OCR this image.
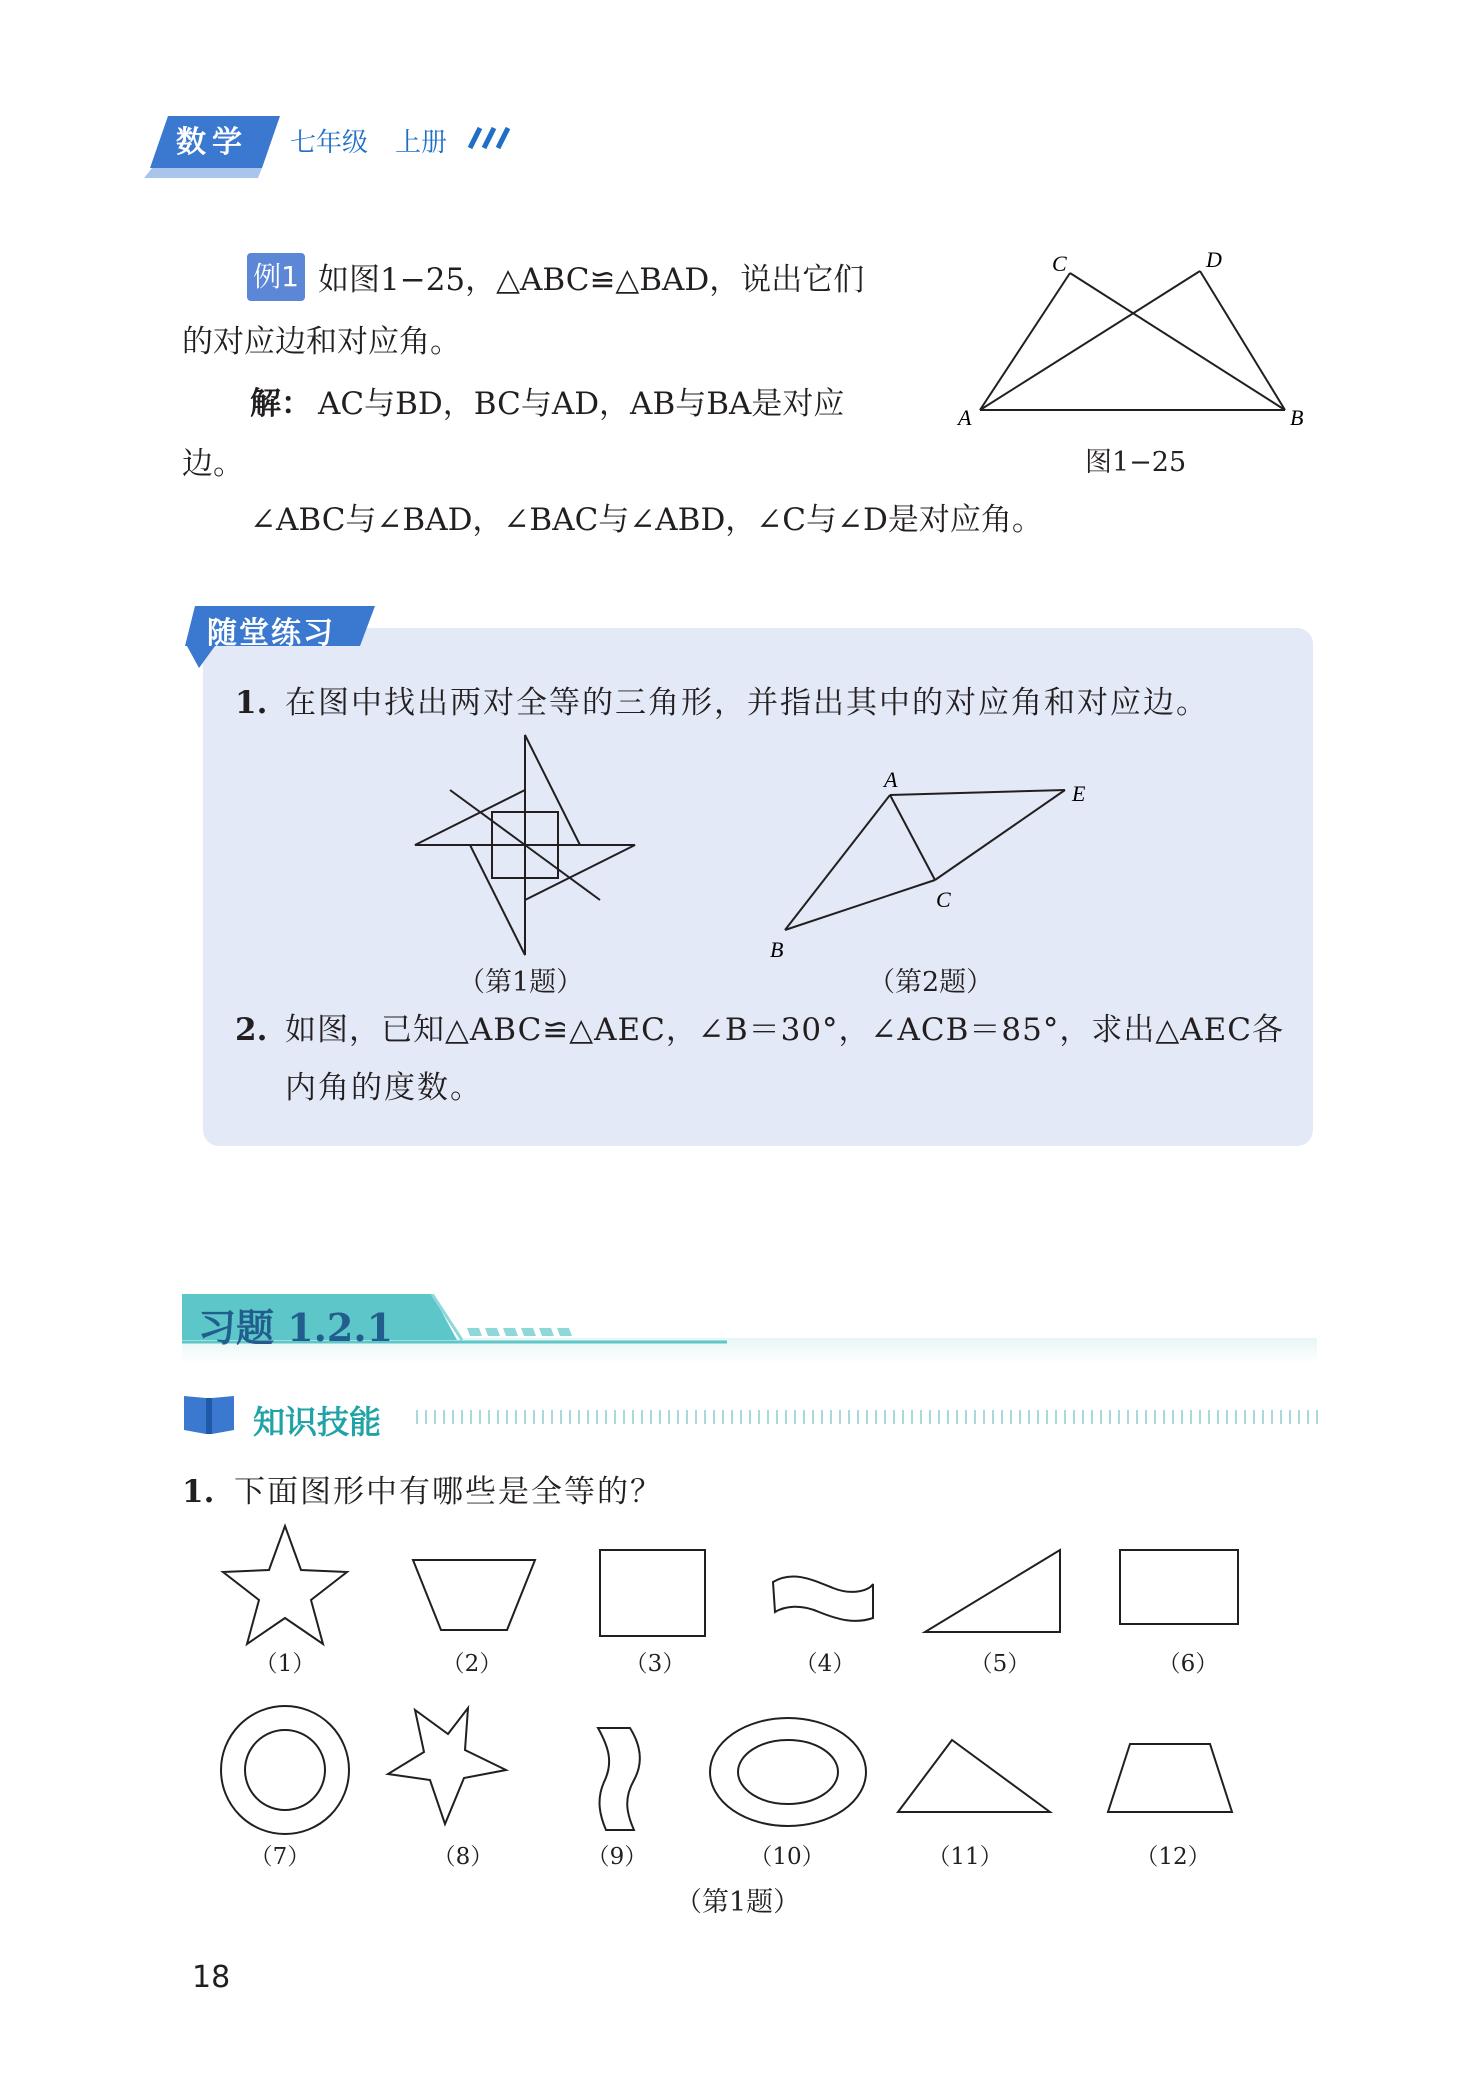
数学 七年级 上册
例1 如图1−25，△ABC≌△BAD，说出它们
的对应边和对应角。
解： AC与BD，BC与AD，AB与BA是对应
边。
∠ABC与∠BAD，∠BAC与∠ABD，∠C与∠D是对应角。
C	D
A	B
图1−25
随堂练习
1. 在图中找出两对全等的三角形，并指出其中的对应角和对应边。
（第1题）
A
E
C
B
（第2题）
2. 如图，已知△ABC≌△AEC，∠B＝30°，∠ACB＝85°，求出△AEC各
内角的度数。
习题 1.2.1
知识技能
1. 下面图形中有哪些是全等的？
（1）	（2）	（3）	（4）	（5）	（6）
（7）	（8）	（9）	（10）	（11）	（12）
（第1题）
18
